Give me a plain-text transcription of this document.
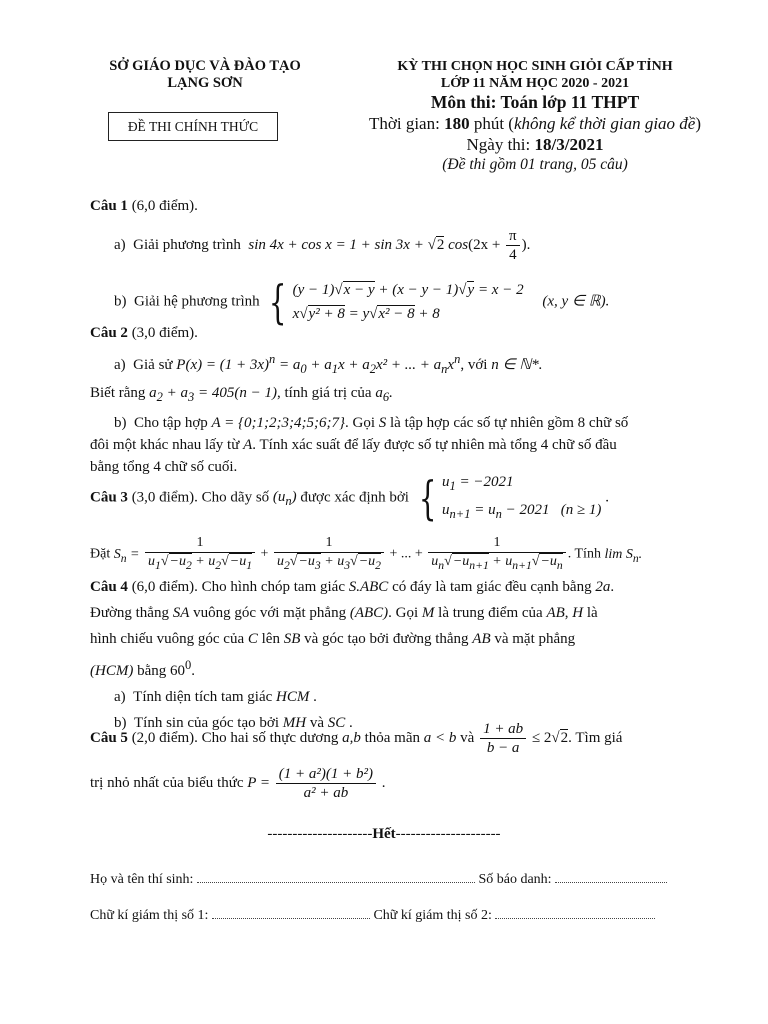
SỞ GIÁO DỤC VÀ ĐÀO TẠO
LẠNG SƠN
ĐỀ THI CHÍNH THỨC
KỲ THI CHỌN HỌC SINH GIỎI CẤP TỈNH
LỚP 11 NĂM HỌC 2020 - 2021
Môn thi: Toán lớp 11 THPT
Thời gian: 180 phút (không kể thời gian giao đề)
Ngày thi: 18/3/2021
(Đề thi gồm 01 trang, 05 câu)
Câu 1 (6,0 điểm).
a) Giải phương trình  sin 4x + cos x = 1 + sin 3x + √2 $\cos(2x + \frac{\pi}{4}$ ).
b) Giải hệ phương trình { (y − 1)√x − y + (x − y − 1)√y = x − 2
x√y² + 8 = y√x² − 8 + 8     (x, y ∈ ℝ).
Câu 2 (3,0 điểm).
a) Giả sử $P(x) = (1 + 3x)^n = a_0 + a_1x + a_2x^2$ + ... + $a_nx^n$, với n ∈ ℕ*.
Biết rằng $a_2 + a_3 = 405(n - 1)$, tính giá trị của $a_6$.
b) Cho tập hợp A = {0;1;2;3;4;5;6;7}. Gọi S là tập hợp các số tự nhiên gồm 8 chữ số
đôi một khác nhau lấy từ A. Tính xác suất để lấy được số tự nhiên mà tổng 4 chữ số đầu
bằng tổng 4 chữ số cuối.
Câu 3 (3,0 điểm). Cho dãy số $(u_n)$ được xác định bởi { $u_1 = -2021$
$u_{n+1} = u_n - 2021$   (n ≥ 1) .
Đặt $S_n = \frac{1}{u_1√-u_2 + u_2√-u_1} + \frac{1}{u_2√-u_3 + u_3√-u_2}$ + ... + $\frac{1}{u_n√-u_{n+1} + u_{n+1}√-u_n}$ . Tính $\lim S_n$.
Câu 4 (6,0 điểm). Cho hình chóp tam giác S.ABC có đáy là tam giác đều cạnh bằng 2a.
Đường thẳng SA vuông góc với mặt phẳng (ABC). Gọi M là trung điểm của AB, H là
hình chiếu vuông góc của C lên SB và góc tạo bởi đường thẳng AB và mặt phẳng
(HCM) bằng $60^0$.
a) Tính diện tích tam giác HCM .
b) Tính sin của góc tạo bởi MH và SC .
Câu 5 (2,0 điểm). Cho hai số thực dương a,b thỏa mãn a < b và $\frac{1 + ab}{b - a} \le 2√2$. Tìm giá
trị nhỏ nhất của biểu thức $P = \frac{\text{(1 + a²)(1 + b²)}}{\text{a² + ab}}$ .
---------------------Hết---------------------
Họ và tên thí sinh:	Số báo danh:
Chữ kí giám thị số 1:	Chữ kí giám thị số 2:
